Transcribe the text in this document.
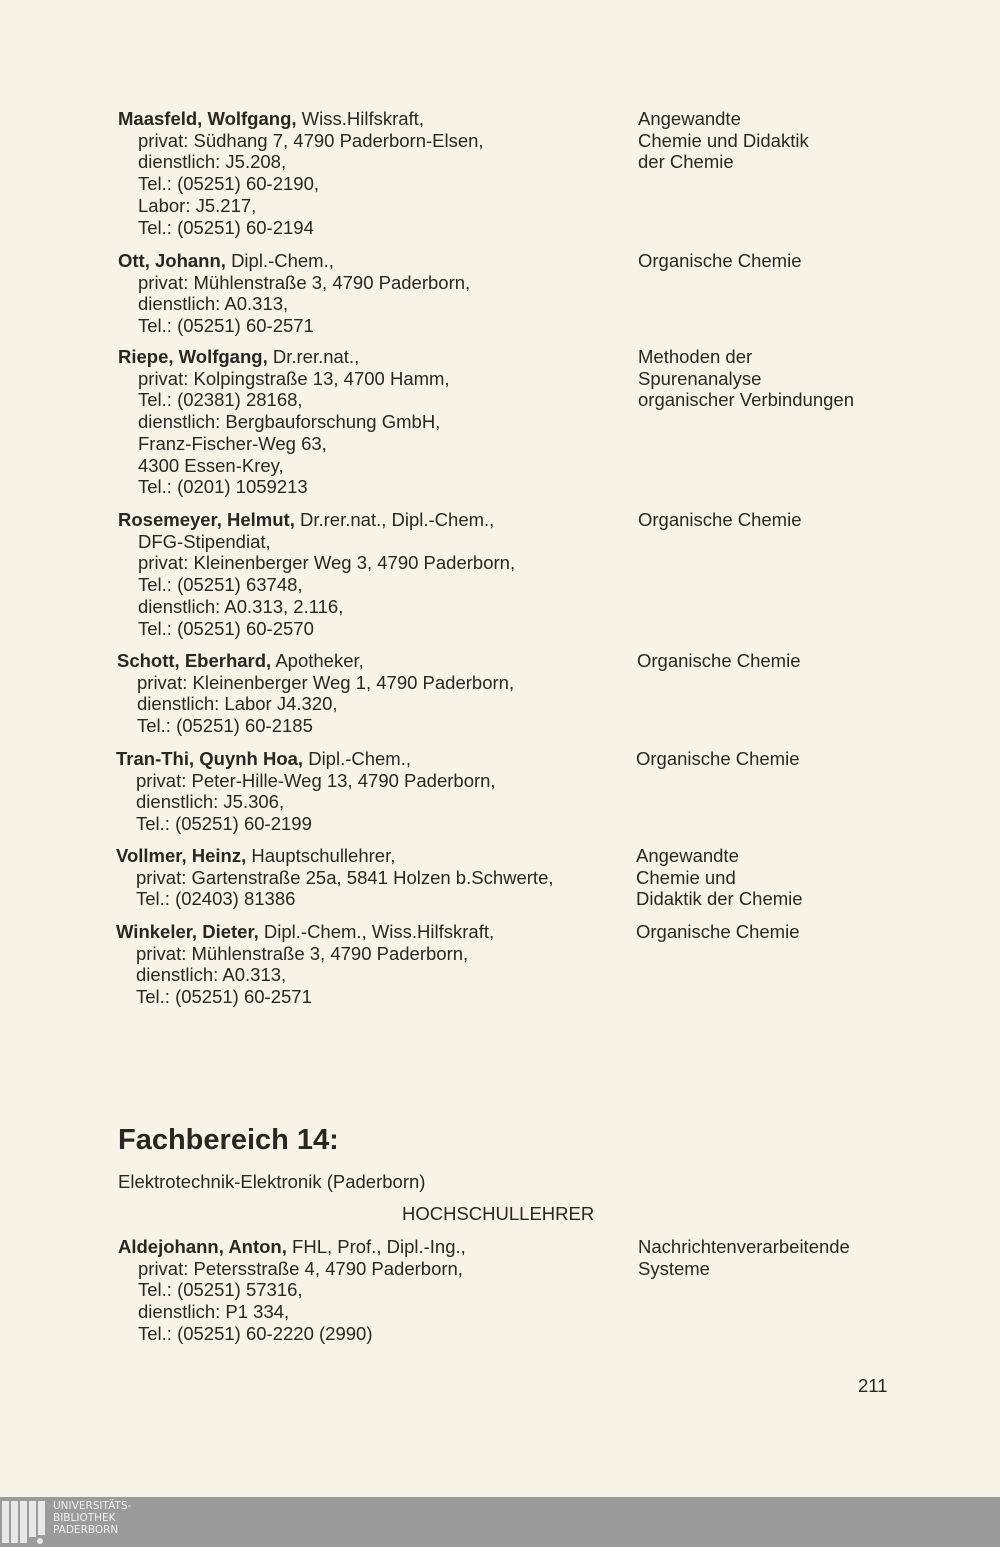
Maasfeld, Wolfgang, Wiss.Hilfskraft,
privat: Südhang 7, 4790 Paderborn-Elsen,
dienstlich: J5.208,
Tel.: (05251) 60-2190,
Labor: J5.217,
Tel.: (05251) 60-2194
Angewandte
Chemie und Didaktik
der Chemie
Ott, Johann, Dipl.-Chem.,
privat: Mühlenstraße 3, 4790 Paderborn,
dienstlich: A0.313,
Tel.: (05251) 60-2571
Organische Chemie
Riepe, Wolfgang, Dr.rer.nat.,
privat: Kolpingstraße 13, 4700 Hamm,
Tel.: (02381) 28168,
dienstlich: Bergbauforschung GmbH,
Franz-Fischer-Weg 63,
4300 Essen-Krey,
Tel.: (0201) 1059213
Methoden der
Spurenanalyse
organischer Verbindungen
Rosemeyer, Helmut, Dr.rer.nat., Dipl.-Chem.,
DFG-Stipendiat,
privat: Kleinenberger Weg 3, 4790 Paderborn,
Tel.: (05251) 63748,
dienstlich: A0.313, 2.116,
Tel.: (05251) 60-2570
Organische Chemie
Schott, Eberhard, Apotheker,
privat: Kleinenberger Weg 1, 4790 Paderborn,
dienstlich: Labor J4.320,
Tel.: (05251) 60-2185
Organische Chemie
Tran-Thi, Quynh Hoa, Dipl.-Chem.,
privat: Peter-Hille-Weg 13, 4790 Paderborn,
dienstlich: J5.306,
Tel.: (05251) 60-2199
Organische Chemie
Vollmer, Heinz, Hauptschullehrer,
privat: Gartenstraße 25a, 5841 Holzen b.Schwerte,
Tel.: (02403) 81386
Angewandte
Chemie und
Didaktik der Chemie
Winkeler, Dieter, Dipl.-Chem., Wiss.Hilfskraft,
privat: Mühlenstraße 3, 4790 Paderborn,
dienstlich: A0.313,
Tel.: (05251) 60-2571
Organische Chemie
Aldejohann, Anton, FHL, Prof., Dipl.-Ing.,
privat: Petersstraße 4, 4790 Paderborn,
Tel.: (05251) 57316,
dienstlich: P1 334,
Tel.: (05251) 60-2220 (2990)
Nachrichtenverarbeitende
Systeme
Fachbereich 14:
Elektrotechnik-Elektronik (Paderborn)
HOCHSCHULLEHRER
211
UNIVERSITÄTS-
BIBLIOTHEK
PADERBORN
